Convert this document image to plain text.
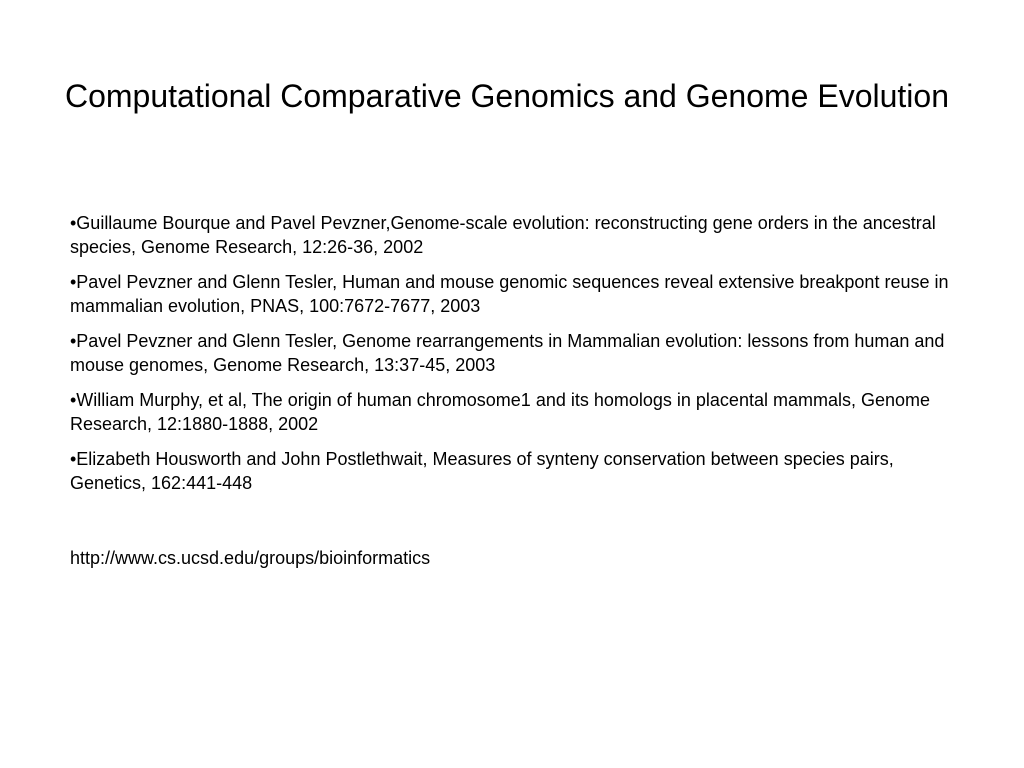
Computational Comparative Genomics and Genome Evolution
•Guillaume Bourque and Pavel Pevzner,Genome-scale evolution: reconstructing gene orders in the ancestral species, Genome Research, 12:26-36, 2002
•Pavel Pevzner and Glenn Tesler, Human and mouse genomic sequences reveal extensive breakpont reuse in mammalian evolution, PNAS, 100:7672-7677, 2003
•Pavel Pevzner and Glenn Tesler, Genome rearrangements in Mammalian evolution: lessons from human and mouse genomes, Genome Research, 13:37-45, 2003
•William Murphy, et al, The origin of human chromosome1 and its homologs in placental mammals, Genome Research, 12:1880-1888, 2002
•Elizabeth Housworth and John Postlethwait, Measures of synteny conservation between species pairs, Genetics, 162:441-448

http://www.cs.ucsd.edu/groups/bioinformatics
